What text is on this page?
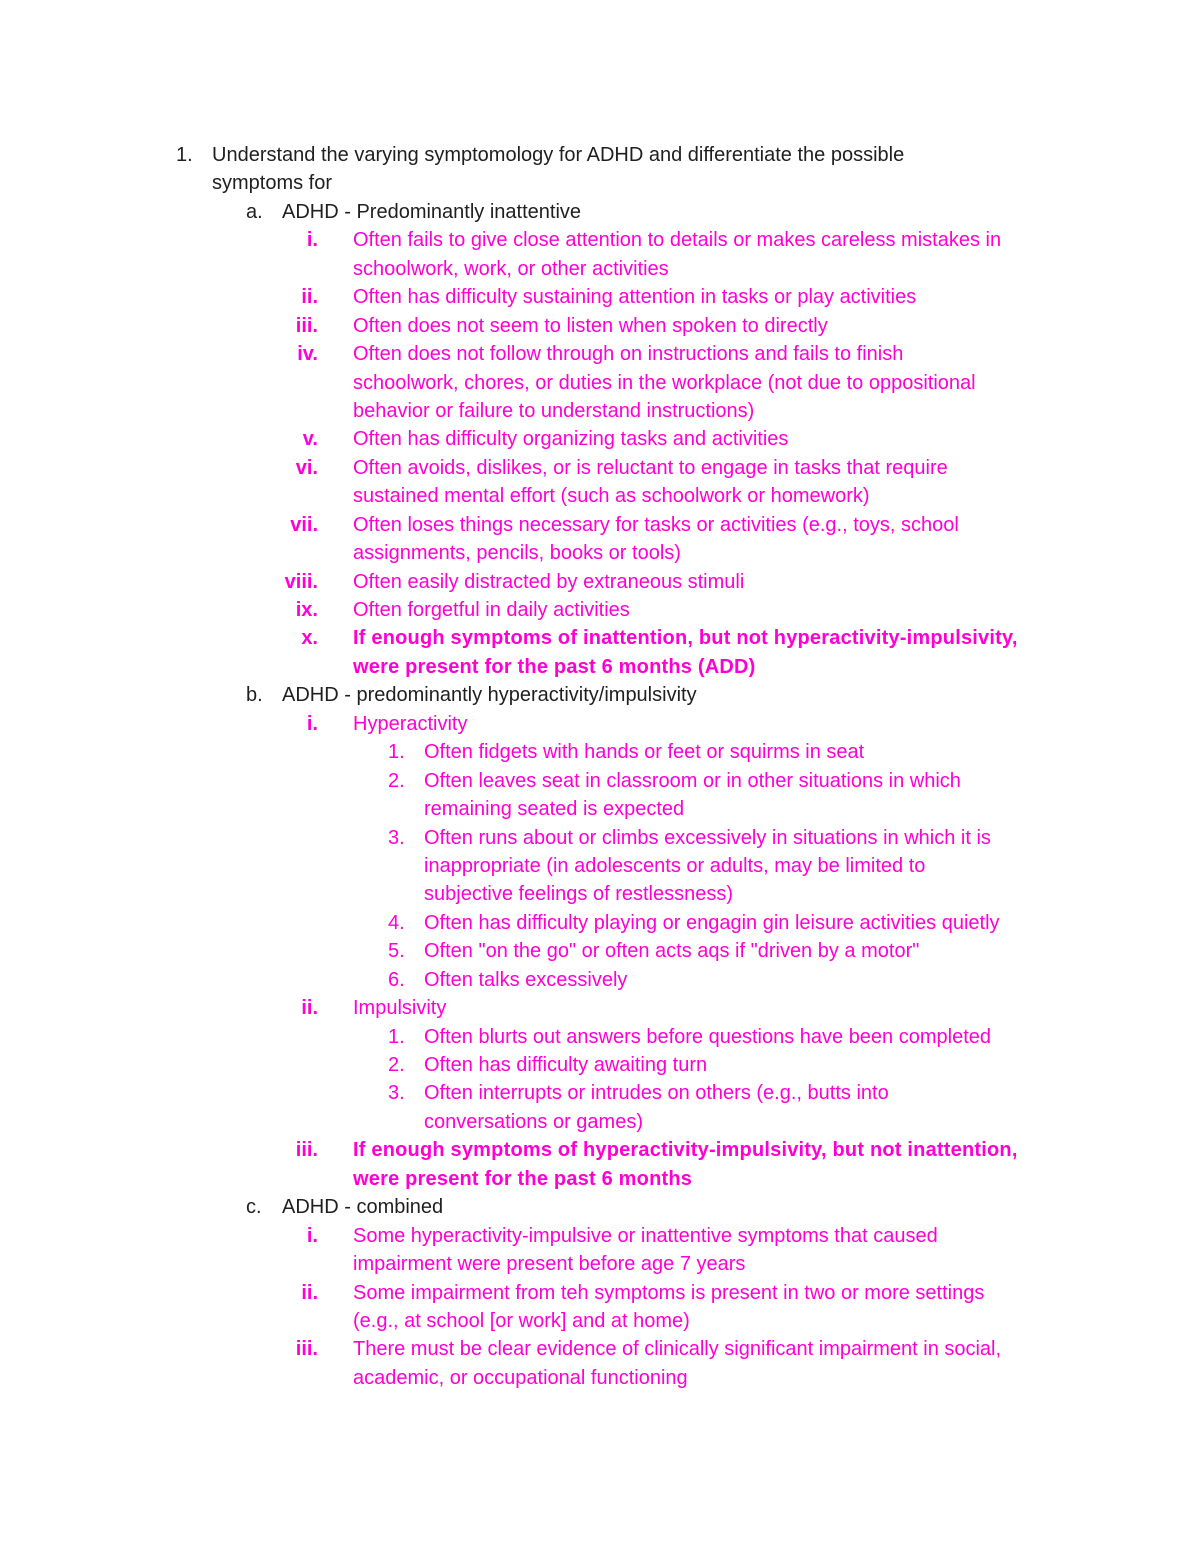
1. Understand the varying symptomology for ADHD and differentiate the possible
symptoms for
a. ADHD - Predominantly inattentive
i. Often fails to give close attention to details or makes careless mistakes in
schoolwork, work, or other activities
ii. Often has difficulty sustaining attention in tasks or play activities
iii. Often does not seem to listen when spoken to directly
iv. Often does not follow through on instructions and fails to finish
schoolwork, chores, or duties in the workplace (not due to oppositional
behavior or failure to understand instructions)
v. Often has difficulty organizing tasks and activities
vi. Often avoids, dislikes, or is reluctant to engage in tasks that require
sustained mental effort (such as schoolwork or homework)
vii. Often loses things necessary for tasks or activities (e.g., toys, school
assignments, pencils, books or tools)
viii. Often easily distracted by extraneous stimuli
ix. Often forgetful in daily activities
x. If enough symptoms of inattention, but not hyperactivity-impulsivity,
were present for the past 6 months (ADD)
b. ADHD - predominantly hyperactivity/impulsivity
i. Hyperactivity
1. Often fidgets with hands or feet or squirms in seat
2. Often leaves seat in classroom or in other situations in which
remaining seated is expected
3. Often runs about or climbs excessively in situations in which it is
inappropriate (in adolescents or adults, may be limited to
subjective feelings of restlessness)
4. Often has difficulty playing or engagin gin leisure activities quietly
5. Often "on the go" or often acts aqs if "driven by a motor"
6. Often talks excessively
ii. Impulsivity
1. Often blurts out answers before questions have been completed
2. Often has difficulty awaiting turn
3. Often interrupts or intrudes on others (e.g., butts into
conversations or games)
iii. If enough symptoms of hyperactivity-impulsivity, but not inattention,
were present for the past 6 months
c. ADHD - combined
i. Some hyperactivity-impulsive or inattentive symptoms that caused
impairment were present before age 7 years
ii. Some impairment from teh symptoms is present in two or more settings
(e.g., at school [or work] and at home)
iii. There must be clear evidence of clinically significant impairment in social,
academic, or occupational functioning
